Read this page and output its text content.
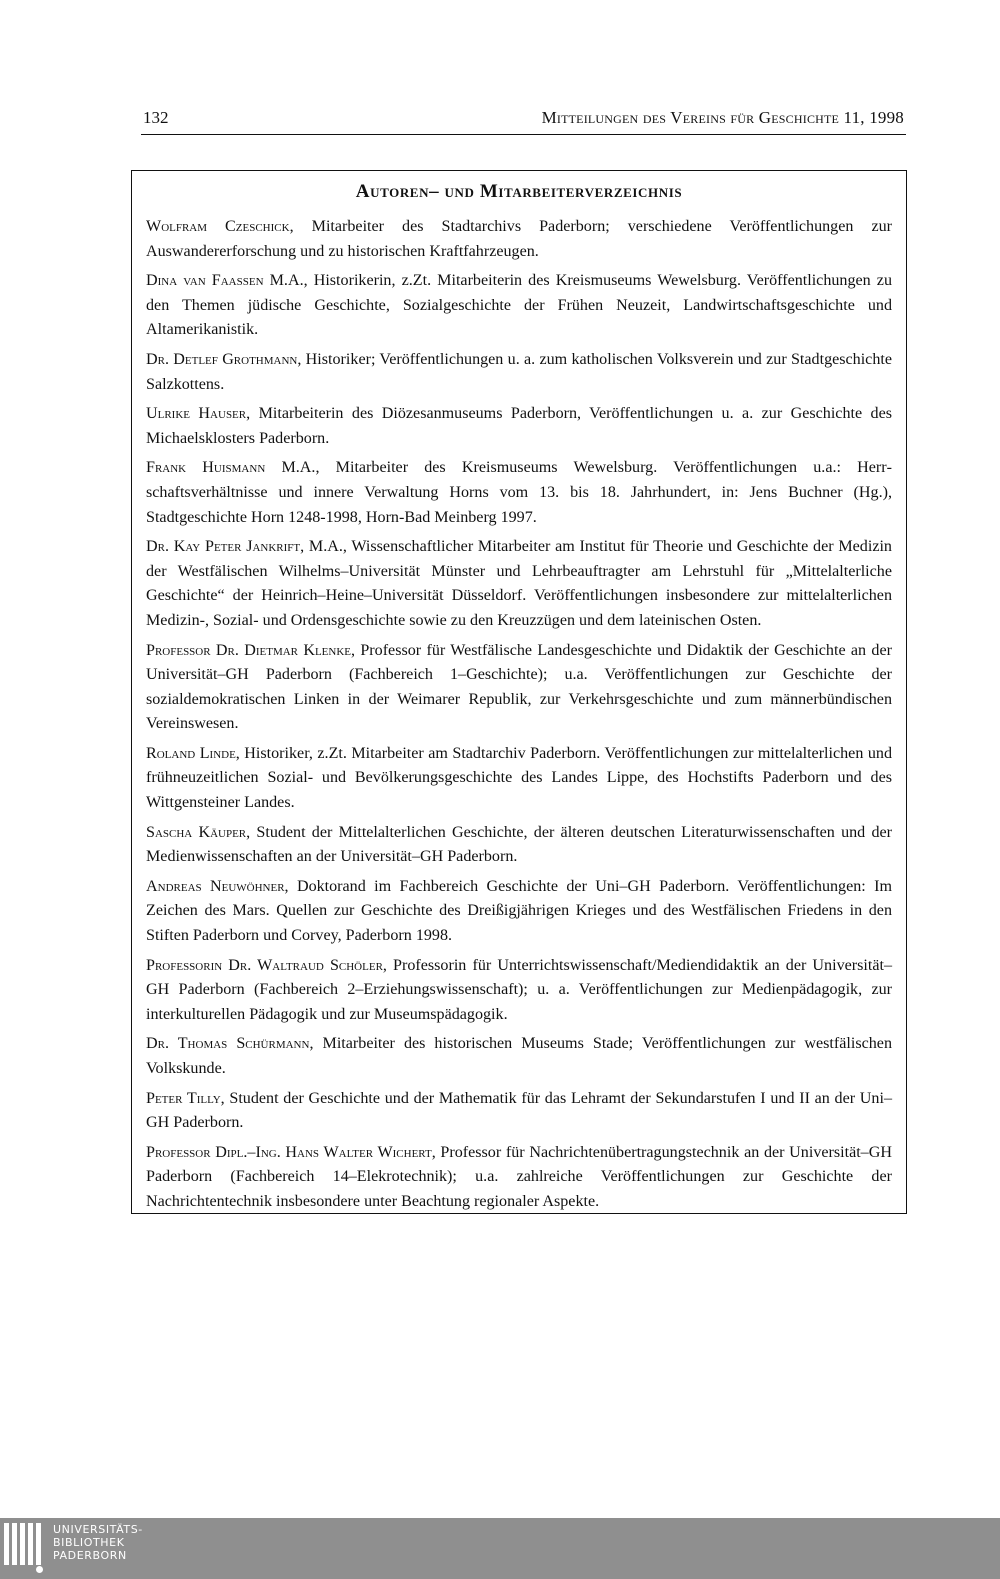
132	Mitteilungen des Vereins für Geschichte 11, 1998
Autoren– und Mitarbeiterverzeichnis

Wolfram Czeschick, Mitarbeiter des Stadtarchivs Paderborn; verschiedene Veröffentlichungen zur Auswandererforschung und zu historischen Kraftfahrzeugen.

Dina van Faassen M.A., Historikerin, z.Zt. Mitarbeiterin des Kreismuseums Wewelsburg. Veröffentlichungen zu den Themen jüdische Geschichte, Sozialgeschichte der Frühen Neuzeit, Landwirtschaftsgeschichte und Altamerikanistik.

Dr. Detlef Grothmann, Historiker; Veröffentlichungen u. a. zum katholischen Volksverein und zur Stadtgeschichte Salzkottens.

Ulrike Hauser, Mitarbeiterin des Diözesanmuseums Paderborn, Veröffentlichungen u. a. zur Geschichte des Michaelsklosters Paderborn.

Frank Huismann M.A., Mitarbeiter des Kreismuseums Wewelsburg. Veröffentlichungen u.a.: Herrschaftsverhältnisse und innere Verwaltung Horns vom 13. bis 18. Jahrhundert, in: Jens Buchner (Hg.), Stadtgeschichte Horn 1248-1998, Horn-Bad Meinberg 1997.

Dr. Kay Peter Jankrift, M.A., Wissenschaftlicher Mitarbeiter am Institut für Theorie und Geschichte der Medizin der Westfälischen Wilhelms–Universität Münster und Lehrbeauftragter am Lehrstuhl für „Mittelalterliche Geschichte“ der Heinrich–Heine–Universität Düsseldorf. Veröffentlichungen insbesondere zur mittelalterlichen Medizin-, Sozial- und Ordensgeschichte sowie zu den Kreuzzügen und dem lateinischen Osten.

Professor Dr. Dietmar Klenke, Professor für Westfälische Landesgeschichte und Didaktik der Geschichte an der Universität–GH Paderborn (Fachbereich 1–Geschichte); u.a. Veröffentlichungen zur Geschichte der sozialdemokratischen Linken in der Weimarer Republik, zur Verkehrsgeschichte und zum männerbündischen Vereinswesen.

Roland Linde, Historiker, z.Zt. Mitarbeiter am Stadtarchiv Paderborn. Veröffentlichungen zur mittelalterlichen und frühneuzeitlichen Sozial- und Bevölkerungsgeschichte des Landes Lippe, des Hochstifts Paderborn und des Wittgensteiner Landes.

Sascha Käuper, Student der Mittelalterlichen Geschichte, der älteren deutschen Literaturwissenschaften und der Medienwissenschaften an der Universität–GH Paderborn.

Andreas Neuwöhner, Doktorand im Fachbereich Geschichte der Uni–GH Paderborn. Veröffentlichungen: Im Zeichen des Mars. Quellen zur Geschichte des Dreißigjährigen Krieges und des Westfälischen Friedens in den Stiften Paderborn und Corvey, Paderborn 1998.

Professorin Dr. Waltraud Schöler, Professorin für Unterrichtswissenschaft/Mediendidaktik an der Universität–GH Paderborn (Fachbereich 2–Erziehungswissenschaft); u. a. Veröffentlichungen zur Medienpädagogik, zur interkulturellen Pädagogik und zur Museumspädagogik.

Dr. Thomas Schürmann, Mitarbeiter des historischen Museums Stade; Veröffentlichungen zur westfälischen Volkskunde.

Peter Tilly, Student der Geschichte und der Mathematik für das Lehramt der Sekundarstufen I und II an der Uni–GH Paderborn.

Professor Dipl.–Ing. Hans Walter Wichert, Professor für Nachrichtenübertragungstechnik an der Universität–GH Paderborn (Fachbereich 14–Elekrotechnik); u.a. zahlreiche Veröffentlichungen zur Geschichte der Nachrichtentechnik insbesondere unter Beachtung regionaler Aspekte.

UNIVERSITÄTS-
BIBLIOTHEK
PADERBORN
